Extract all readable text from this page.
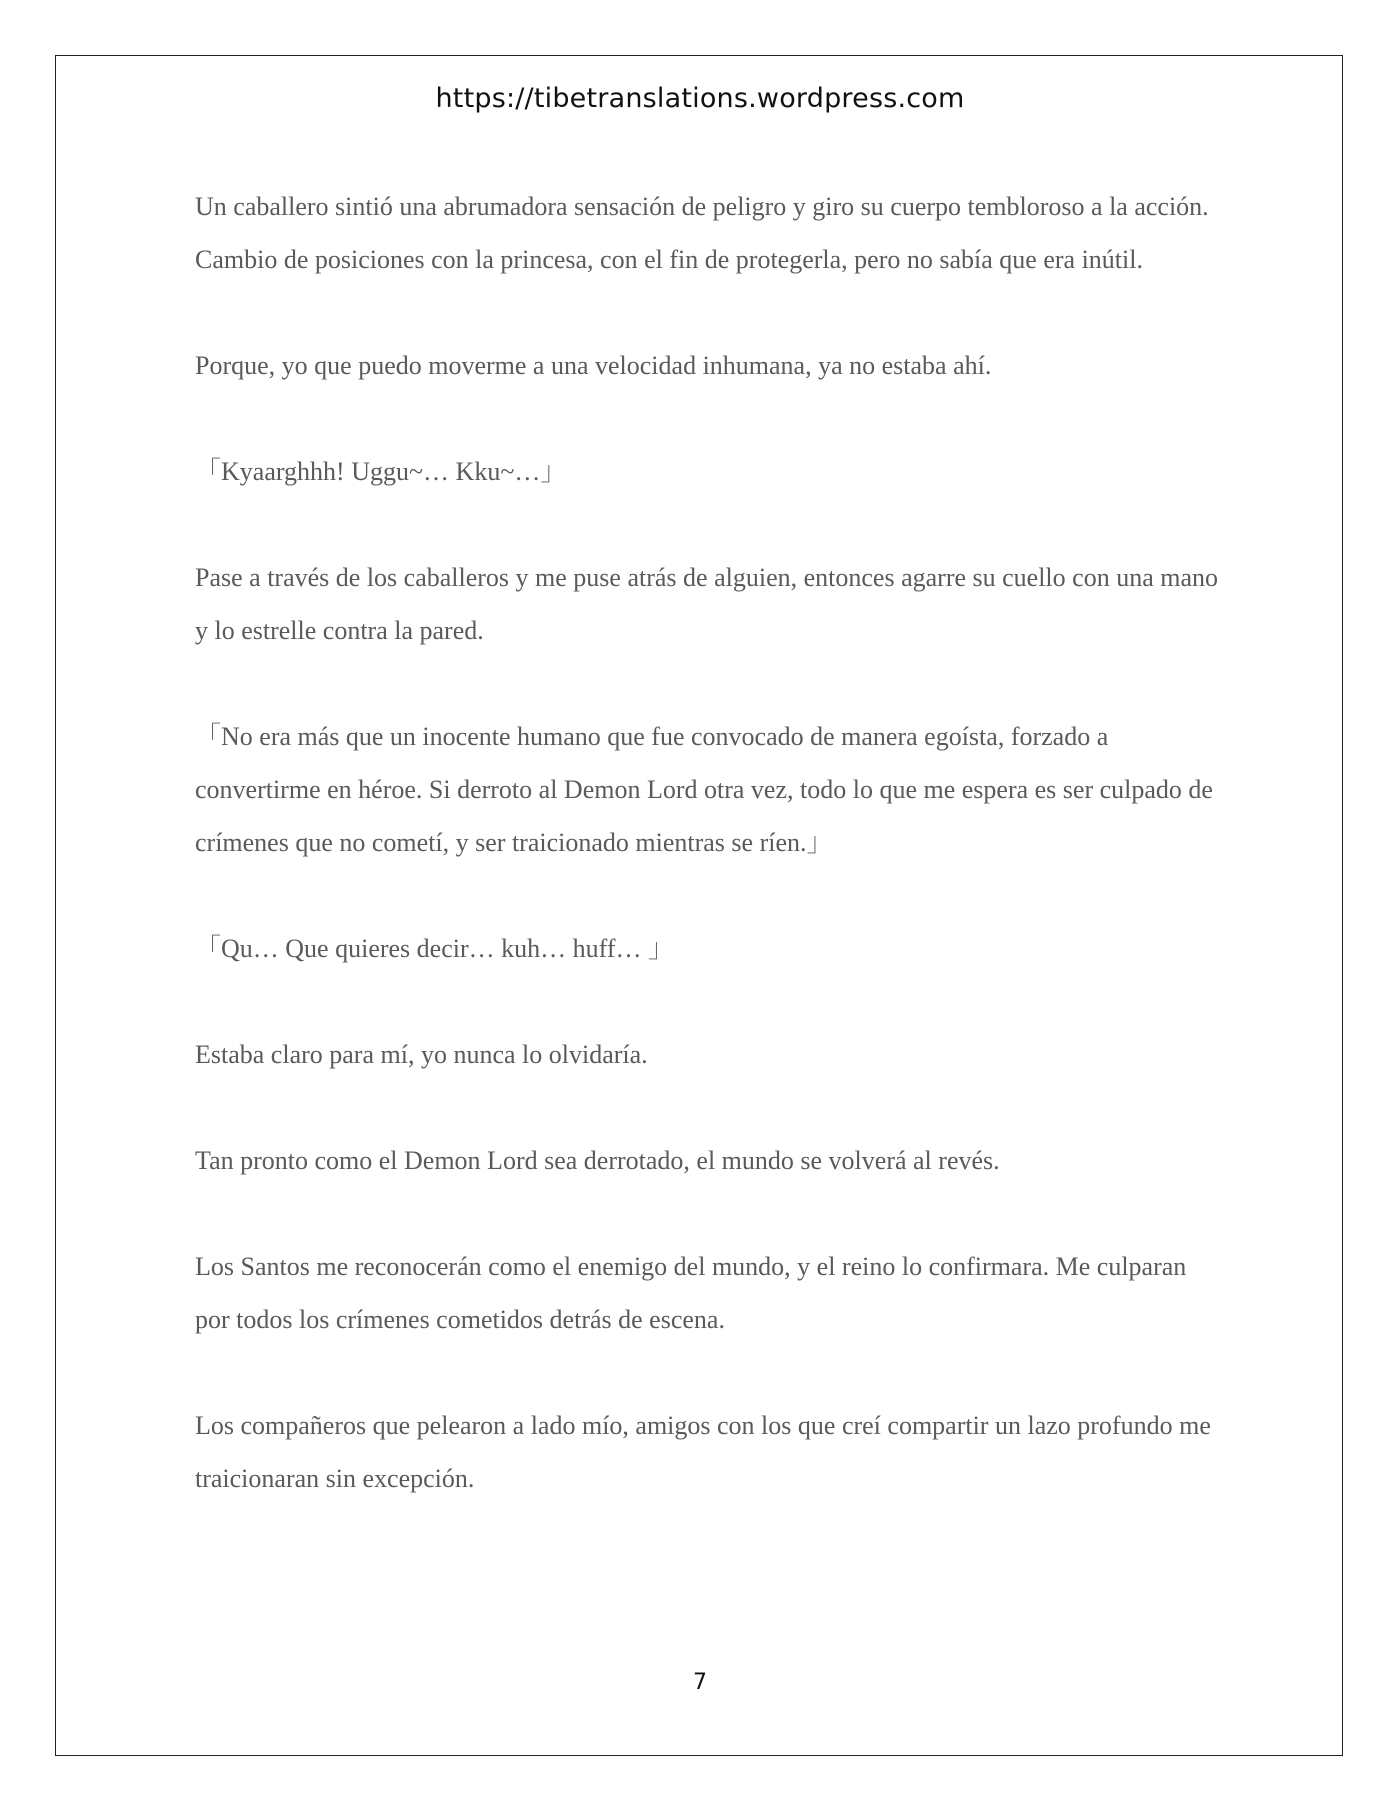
https://tibetranslations.wordpress.com

Un caballero sintió una abrumadora sensación de peligro y giro su cuerpo tembloroso a la acción. Cambio de posiciones con la princesa, con el fin de protegerla, pero no sabía que era inútil.

Porque, yo que puedo moverme a una velocidad inhumana, ya no estaba ahí.

「Kyaarghhh! Uggu~… Kku~…」

Pase a través de los caballeros y me puse atrás de alguien, entonces agarre su cuello con una mano y lo estrelle contra la pared.

「No era más que un inocente humano que fue convocado de manera egoísta, forzado a convertirme en héroe. Si derroto al Demon Lord otra vez, todo lo que me espera es ser culpado de crímenes que no cometí, y ser traicionado mientras se ríen.」

「Qu… Que quieres decir… kuh… huff… 」

Estaba claro para mí, yo nunca lo olvidaría.

Tan pronto como el Demon Lord sea derrotado, el mundo se volverá al revés.

Los Santos me reconocerán como el enemigo del mundo, y el reino lo confirmara. Me culparan por todos los crímenes cometidos detrás de escena.

Los compañeros que pelearon a lado mío, amigos con los que creí compartir un lazo profundo me traicionaran sin excepción.

7
